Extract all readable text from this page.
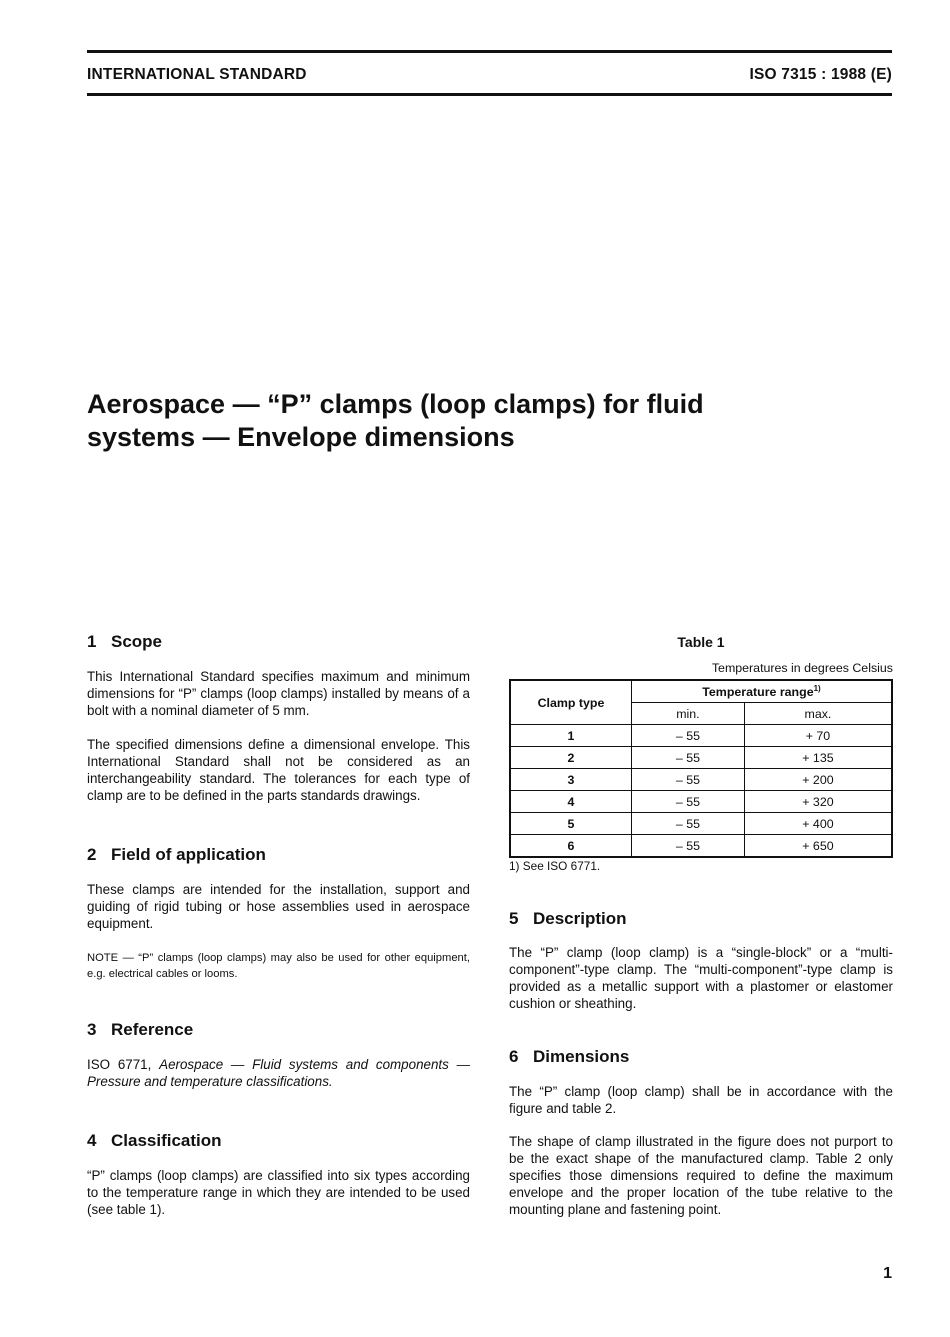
INTERNATIONAL STANDARD	ISO 7315 : 1988 (E)
Aerospace — “P” clamps (loop clamps) for fluid
systems — Envelope dimensions
1 Scope
This International Standard specifies maximum and minimum dimensions for “P” clamps (loop clamps) installed by means of a bolt with a nominal diameter of 5 mm.
The specified dimensions define a dimensional envelope. This International Standard shall not be considered as an interchangeability standard. The tolerances for each type of clamp are to be defined in the parts standards drawings.
2 Field of application
These clamps are intended for the installation, support and guiding of rigid tubing or hose assemblies used in aerospace equipment.
NOTE — “P” clamps (loop clamps) may also be used for other equipment, e.g. electrical cables or looms.
3 Reference
ISO 6771, Aerospace — Fluid systems and components — Pressure and temperature classifications.
4 Classification
“P” clamps (loop clamps) are classified into six types according to the temperature range in which they are intended to be used (see table 1).
Table 1
Temperatures in degrees Celsius
Clamp type	Temperature range$^{1)}$
	min.	max.
1	– 55	+ 70
2	– 55	+ 135
3	– 55	+ 200
4	– 55	+ 320
5	– 55	+ 400
6	– 55	+ 650
1) See ISO 6771.
5 Description
The “P” clamp (loop clamp) is a “single-block” or a “multi-component”-type clamp. The “multi-component”-type clamp is provided as a metallic support with a plastomer or elastomer cushion or sheathing.
6 Dimensions
The “P” clamp (loop clamp) shall be in accordance with the figure and table 2.
The shape of clamp illustrated in the figure does not purport to be the exact shape of the manufactured clamp. Table 2 only specifies those dimensions required to define the maximum envelope and the proper location of the tube relative to the mounting plane and fastening point.
1
